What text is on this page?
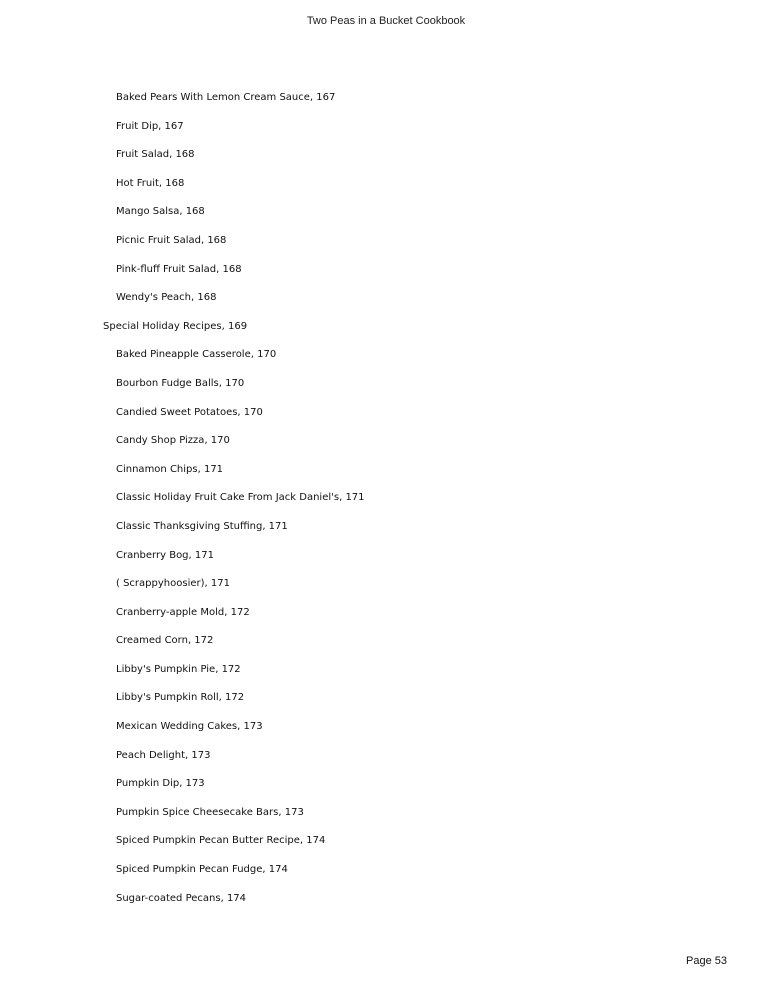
Two Peas in a Bucket Cookbook
Baked Pears With Lemon Cream Sauce, 167
Fruit Dip, 167
Fruit Salad, 168
Hot Fruit, 168
Mango Salsa, 168
Picnic Fruit Salad, 168
Pink-fluff Fruit Salad, 168
Wendy's Peach, 168
Special Holiday Recipes, 169
Baked Pineapple Casserole, 170
Bourbon Fudge Balls, 170
Candied Sweet Potatoes, 170
Candy Shop Pizza, 170
Cinnamon Chips, 171
Classic Holiday Fruit Cake From Jack Daniel's, 171
Classic Thanksgiving Stuffing, 171
Cranberry Bog, 171
( Scrappyhoosier), 171
Cranberry-apple Mold, 172
Creamed Corn, 172
Libby's Pumpkin Pie, 172
Libby's Pumpkin Roll, 172
Mexican Wedding Cakes, 173
Peach Delight, 173
Pumpkin Dip, 173
Pumpkin Spice Cheesecake Bars, 173
Spiced Pumpkin Pecan Butter Recipe, 174
Spiced Pumpkin Pecan Fudge, 174
Sugar-coated Pecans, 174
Page 53
